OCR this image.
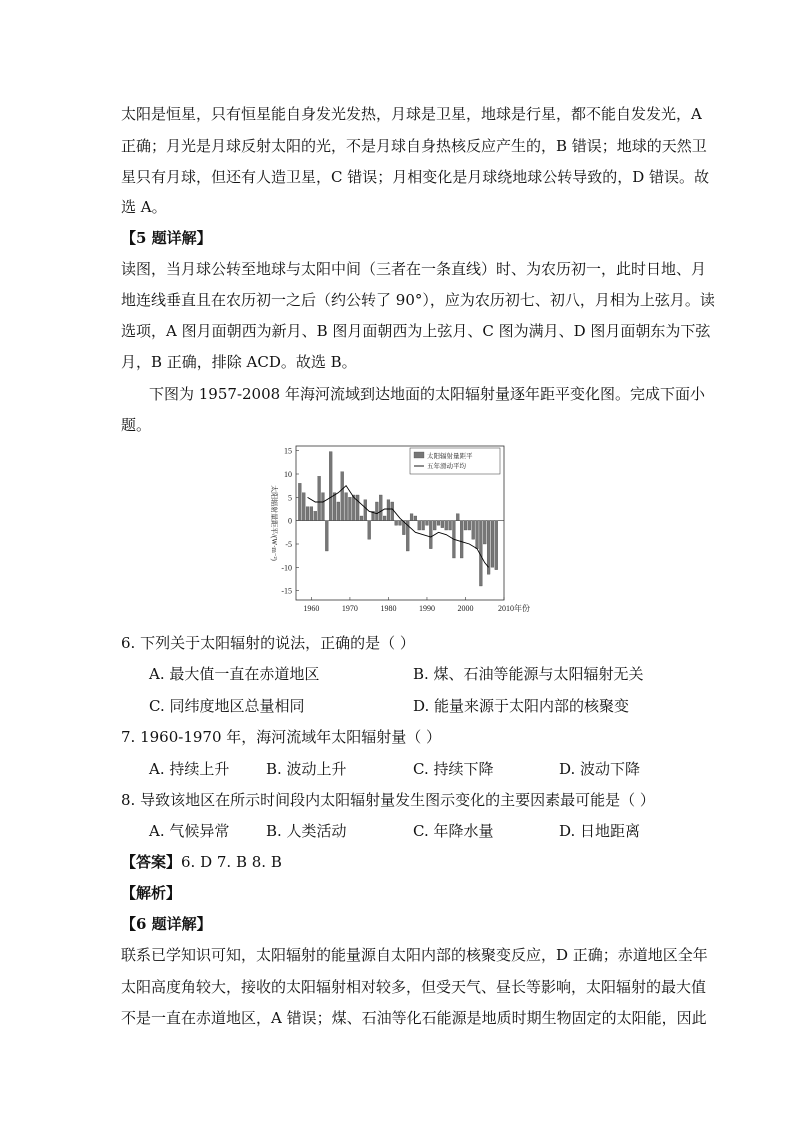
太阳是恒星，只有恒星能自身发光发热，月球是卫星，地球是行星，都不能自发发光，A
正确；月光是月球反射太阳的光，不是月球自身热核反应产生的，B 错误；地球的天然卫
星只有月球，但还有人造卫星，C 错误；月相变化是月球绕地球公转导致的，D 错误。故
选 A。
【5 题详解】
读图，当月球公转至地球与太阳中间（三者在一条直线）时、为农历初一，此时日地、月
地连线垂直且在农历初一之后（约公转了 90°），应为农历初七、初八，月相为上弦月。读
选项，A 图月面朝西为新月、B 图月面朝西为上弦月、C 图为满月、D 图月面朝东为下弦
月，B 正确，排除 ACD。故选 B。
下图为 1957-2008 年海河流域到达地面的太阳辐射量逐年距平变化图。完成下面小
题。
15
10
5
0
-5
-10
-15
1960	1970	1980	1990	2000	2010年份
太阳辐射量距平/(W·m⁻²)
太阳辐射量距平
五年滑动平均
6. 下列关于太阳辐射的说法，正确的是（ ）
A. 最大值一直在赤道地区	B. 煤、石油等能源与太阳辐射无关
C. 同纬度地区总量相同	D. 能量来源于太阳内部的核聚变
7. 1960-1970 年，海河流域年太阳辐射量（ ）
A. 持续上升 B. 波动上升	C. 持续下降	D. 波动下降
8. 导致该地区在所示时间段内太阳辐射量发生图示变化的主要因素最可能是（ ）
A. 气候异常 B. 人类活动	C. 年降水量	D. 日地距离
【答案】6. D 7. B 8. B
【解析】
【6 题详解】
联系已学知识可知，太阳辐射的能量源自太阳内部的核聚变反应，D 正确；赤道地区全年
太阳高度角较大，接收的太阳辐射相对较多，但受天气、昼长等影响，太阳辐射的最大值
不是一直在赤道地区，A 错误；煤、石油等化石能源是地质时期生物固定的太阳能，因此
